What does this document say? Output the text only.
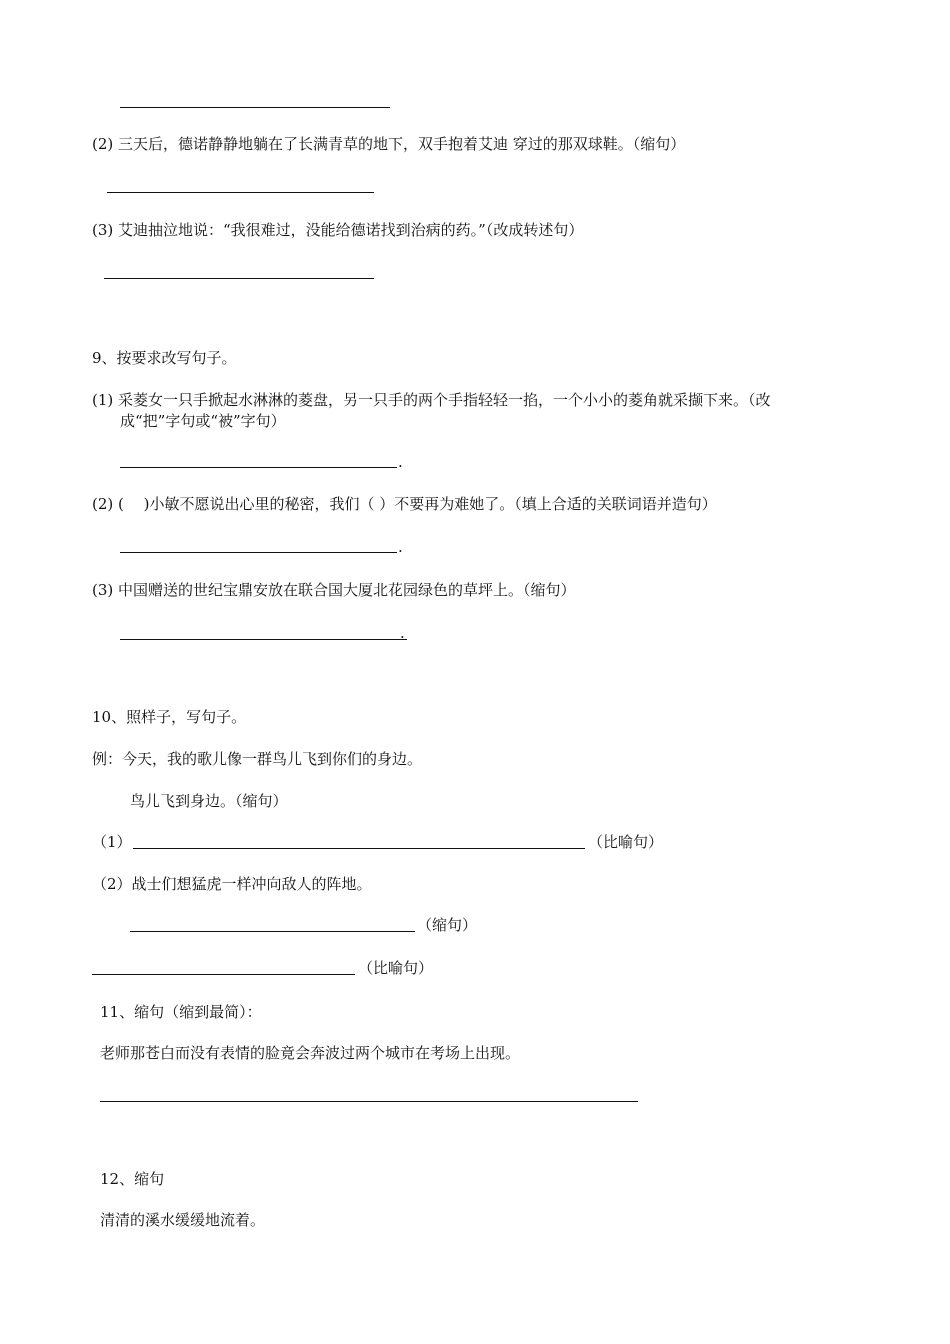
(2) 三天后，德诺静静地躺在了长满青草的地下，双手抱着艾迪 穿过的那双球鞋。（缩句）
(3) 艾迪抽泣地说：“我很难过，没能给德诺找到治病的药。”（改成转述句）
9、按要求改写句子。
(1) 采菱女一只手掀起水淋淋的菱盘，另一只手的两个手指轻轻一掐，一个小小的菱角就采撷下来。（改
成“把”字句或“被”字句）
.
(2) (　 )小敏不愿说出心里的秘密，我们（ ）不要再为难她了。（填上合适的关联词语并造句）
.
(3) 中国赠送的世纪宝鼎安放在联合国大厦北花园绿色的草坪上。（缩句）
.
10、照样子，写句子。
例：今天，我的歌儿像一群鸟儿飞到你们的身边。
鸟儿飞到身边。（缩句）
（1）	（比喻句）
（2）战士们想猛虎一样冲向敌人的阵地。
（缩句）
（比喻句）
11、缩句（缩到最简）：
老师那苍白而没有表情的脸竟会奔波过两个城市在考场上出现。
12、缩句
清清的溪水缓缓地流着。
